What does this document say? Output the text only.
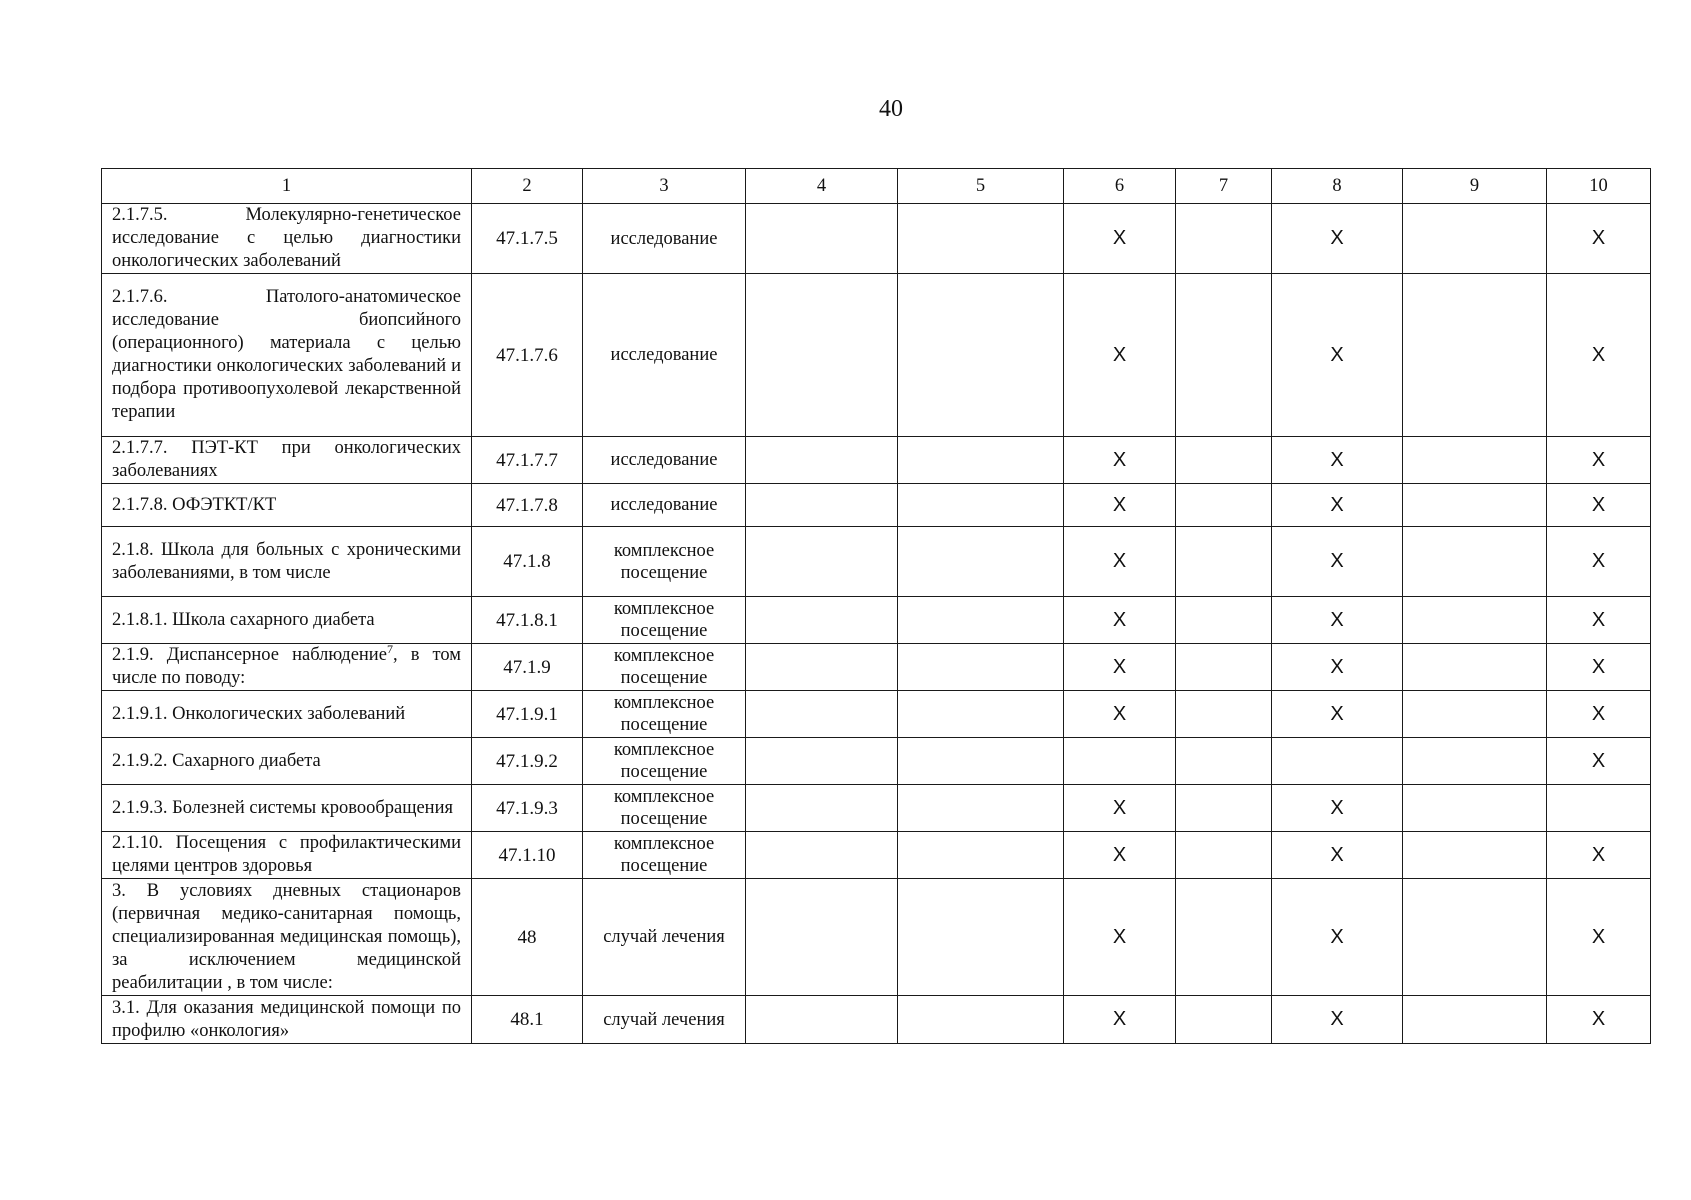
40
1	2	3	4	5	6	7	8	9	10
2.1.7.5. Молекулярно-генетическое исследование с целью диагностики онкологических заболеваний	47.1.7.5	исследование			X		X		X
2.1.7.6. Патолого-анатомическое исследование биопсийного (операционного) материала с целью диагностики онкологических заболеваний и подбора противоопухолевой лекарственной терапии	47.1.7.6	исследование			X		X		X
2.1.7.7. ПЭТ-КТ при онкологических заболеваниях	47.1.7.7	исследование			X		X		X
2.1.7.8. ОФЭТКТ/КТ	47.1.7.8	исследование			X		X		X
2.1.8. Школа для больных с хроническими заболеваниями, в том числе	47.1.8	комплексное посещение			X		X		X
2.1.8.1. Школа сахарного диабета	47.1.8.1	комплексное посещение			X		X		X
2.1.9. Диспансерное наблюдение$^7$, в том числе по поводу:	47.1.9	комплексное посещение			X		X		X
2.1.9.1. Онкологических заболеваний	47.1.9.1	комплексное посещение			X		X		X
2.1.9.2. Сахарного диабета	47.1.9.2	комплексное посещение							X
2.1.9.3. Болезней системы кровообращения	47.1.9.3	комплексное посещение			X		X		
2.1.10. Посещения с профилактическими целями центров здоровья	47.1.10	комплексное посещение			X		X		X
3. В условиях дневных стационаров (первичная медико-санитарная помощь, специализированная медицинская помощь), за исключением медицинской реабилитации , в том числе:	48	случай лечения			X		X		X
3.1. Для оказания медицинской помощи по профилю «онкология»	48.1	случай лечения			X		X		X
